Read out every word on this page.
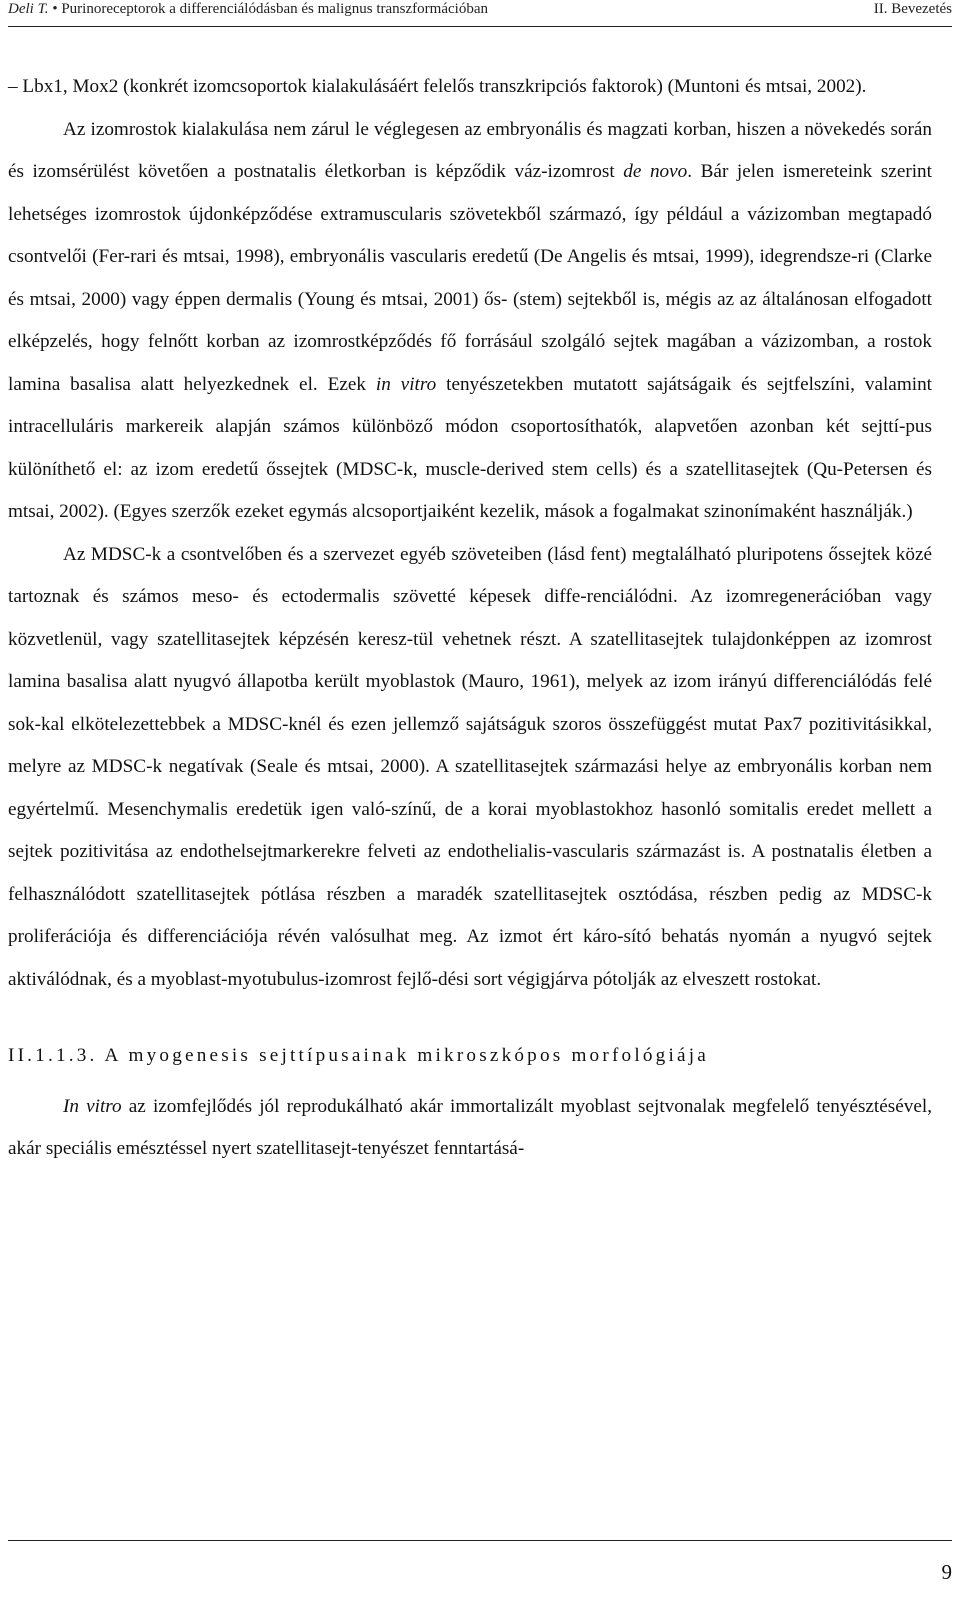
Deli T. • Purinoreceptorok a differenciálódásban és malignus transzformációban	II. Bevezetés

– Lbx1, Mox2 (konkrét izomcsoportok kialakulásáért felelős transzkripciós faktorok) (Muntoni és mtsai, 2002).

Az izomrostok kialakulása nem zárul le véglegesen az embryonális és magzati korban, hiszen a növekedés során és izomsérülést követően a postnatalis életkorban is képződik váz-izomrost de novo. Bár jelen ismereteink szerint lehetséges izomrostok újdonképződése extramuscularis szövetekből származó, így például a vázizomban megtapadó csontvelői (Fer-rari és mtsai, 1998), embryonális vascularis eredetű (De Angelis és mtsai, 1999), idegrendsze-ri (Clarke és mtsai, 2000) vagy éppen dermalis (Young és mtsai, 2001) ős- (stem) sejtekből is, mégis az az általánosan elfogadott elképzelés, hogy felnőtt korban az izomrostképződés fő forrásául szolgáló sejtek magában a vázizomban, a rostok lamina basalisa alatt helyezkednek el. Ezek in vitro tenyészetekben mutatott sajátságaik és sejtfelszíni, valamint intracelluláris markereik alapján számos különböző módon csoportosíthatók, alapvetően azonban két sejttí-pus különíthető el: az izom eredetű őssejtek (MDSC-k, muscle-derived stem cells) és a szatellitasejtek (Qu-Petersen és mtsai, 2002). (Egyes szerzők ezeket egymás alcsoportjaiként kezelik, mások a fogalmakat szinonímaként használják.)

Az MDSC-k a csontvelőben és a szervezet egyéb szöveteiben (lásd fent) megtalálható pluripotens őssejtek közé tartoznak és számos meso- és ectodermalis szövetté képesek diffe-renciálódni. Az izomregenerációban vagy közvetlenül, vagy szatellitasejtek képzésén keresz-tül vehetnek részt. A szatellitasejtek tulajdonképpen az izomrost lamina basalisa alatt nyugvó állapotba került myoblastok (Mauro, 1961), melyek az izom irányú differenciálódás felé sok-kal elkötelezettebbek a MDSC-knél és ezen jellemző sajátságuk szoros összefüggést mutat Pax7 pozitivitásikkal, melyre az MDSC-k negatívak (Seale és mtsai, 2000). A szatellitasejtek származási helye az embryonális korban nem egyértelmű. Mesenchymalis eredetük igen való-színű, de a korai myoblastokhoz hasonló somitalis eredet mellett a sejtek pozitivitása az endothelsejtmarkerekre felveti az endothelialis-vascularis származást is. A postnatalis életben a felhasználódott szatellitasejtek pótlása részben a maradék szatellitasejtek osztódása, részben pedig az MDSC-k proliferációja és differenciációja révén valósulhat meg. Az izmot ért káro-sító behatás nyomán a nyugvó sejtek aktiválódnak, és a myoblast-myotubulus-izomrost fejlő-dési sort végigjárva pótolják az elveszett rostokat.

II.1.1.3. A myogenesis sejttípusainak mikroszkópos morfológiája

In vitro az izomfejlődés jól reprodukálható akár immortalizált myoblast sejtvonalak megfelelő tenyésztésével, akár speciális emésztéssel nyert szatellitasejt-tenyészet fenntartásá-

9
